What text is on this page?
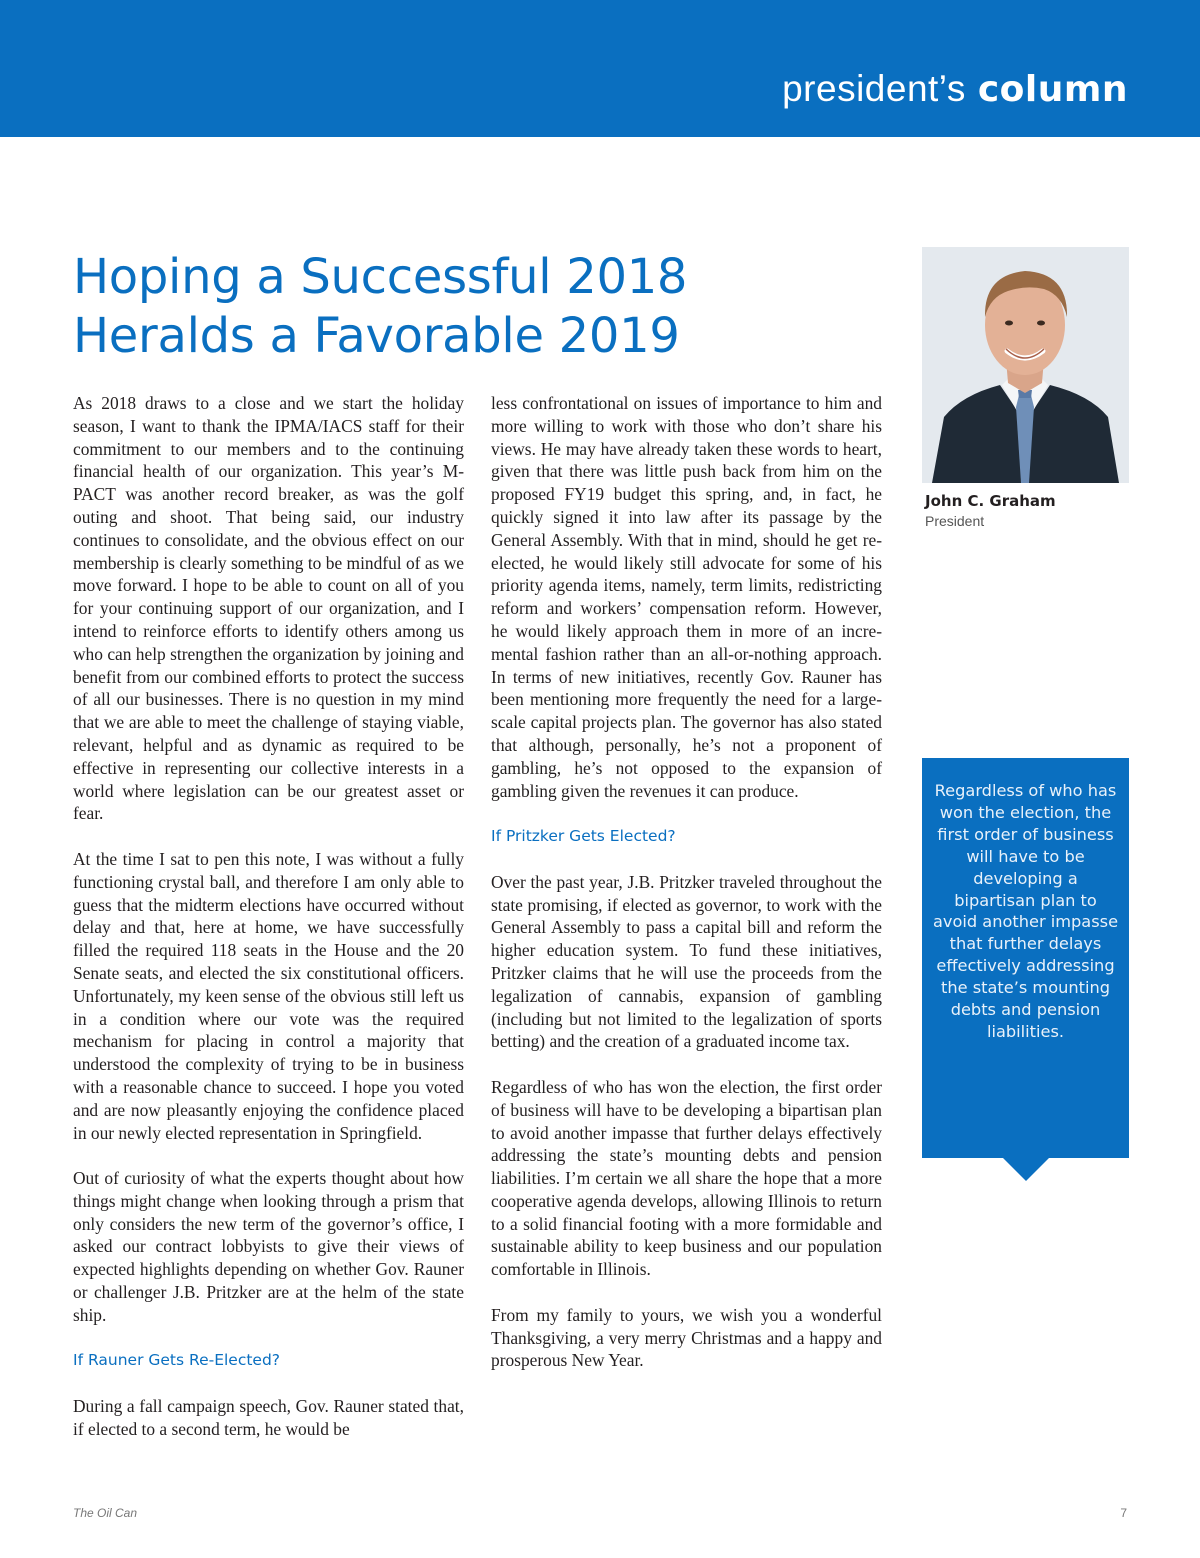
president’s column
Hoping a Successful 2018
Heralds a Favorable 2019
John C. Graham
President

As 2018 draws to a close and we start the holiday season, I want to thank the IPMA/IACS staff for their commitment to our members and to the continuing financial health of our organization. This year’s M-PACT was another record breaker, as was the golf outing and shoot. That being said, our industry continues to consolidate, and the obvious effect on our membership is clearly something to be mindful of as we move forward. I hope to be able to count on all of you for your continuing support of our organization, and I intend to reinforce efforts to identify others among us who can help strengthen the organization by joining and benefit from our combined efforts to protect the success of all our businesses. There is no question in my mind that we are able to meet the challenge of staying viable, relevant, helpful and as dynamic as required to be effective in representing our collective interests in a world where legislation can be our greatest asset or fear.

At the time I sat to pen this note, I was without a fully functioning crystal ball, and therefore I am only able to guess that the midterm elections have occurred without delay and that, here at home, we have successfully filled the required 118 seats in the House and the 20 Senate seats, and elected the six constitutional officers. Unfortunately, my keen sense of the obvious still left us in a condition where our vote was the required mechanism for placing in control a majority that understood the complexity of trying to be in business with a reasonable chance to succeed. I hope you voted and are now pleasantly enjoying the confidence placed in our newly elected representation in Springfield.

Out of curiosity of what the experts thought about how things might change when looking through a prism that only considers the new term of the governor’s office, I asked our contract lobbyists to give their views of expected highlights depending on whether Gov. Rauner or challenger J.B. Pritzker are at the helm of the state ship.

If Rauner Gets Re-Elected?

During a fall campaign speech, Gov. Rauner stated that, if elected to a second term, he would be

less confrontational on issues of importance to him and more willing to work with those who don’t share his views. He may have already taken these words to heart, given that there was little push back from him on the proposed FY19 budget this spring, and, in fact, he quickly signed it into law after its passage by the General Assembly. With that in mind, should he get re-elected, he would likely still advocate for some of his priority agenda items, namely, term limits, redistricting reform and workers’ compensation reform. However, he would likely approach them in more of an incremental fashion rather than an all-or-nothing approach. In terms of new initiatives, recently Gov. Rauner has been mentioning more frequently the need for a large-scale capital projects plan. The governor has also stated that although, personally, he’s not a proponent of gambling, he’s not opposed to the expansion of gambling given the revenues it can produce.

If Pritzker Gets Elected?

Over the past year, J.B. Pritzker traveled throughout the state promising, if elected as governor, to work with the General Assembly to pass a capital bill and reform the higher education system. To fund these initiatives, Pritzker claims that he will use the proceeds from the legalization of cannabis, expansion of gambling (including but not limited to the legalization of sports betting) and the creation of a graduated income tax.

Regardless of who has won the election, the first order of business will have to be developing a bipartisan plan to avoid another impasse that further delays effectively addressing the state’s mounting debts and pension liabilities. I’m certain we all share the hope that a more cooperative agenda develops, allowing Illinois to return to a solid financial footing with a more formidable and sustainable ability to keep business and our population comfortable in Illinois.

From my family to yours, we wish you a wonderful Thanksgiving, a very merry Christmas and a happy and prosperous New Year.

Regardless of who has won the election, the first order of business will have to be developing a bipartisan plan to avoid another impasse that further delays effectively addressing the state’s mounting debts and pension liabilities.
The Oil Can	7
